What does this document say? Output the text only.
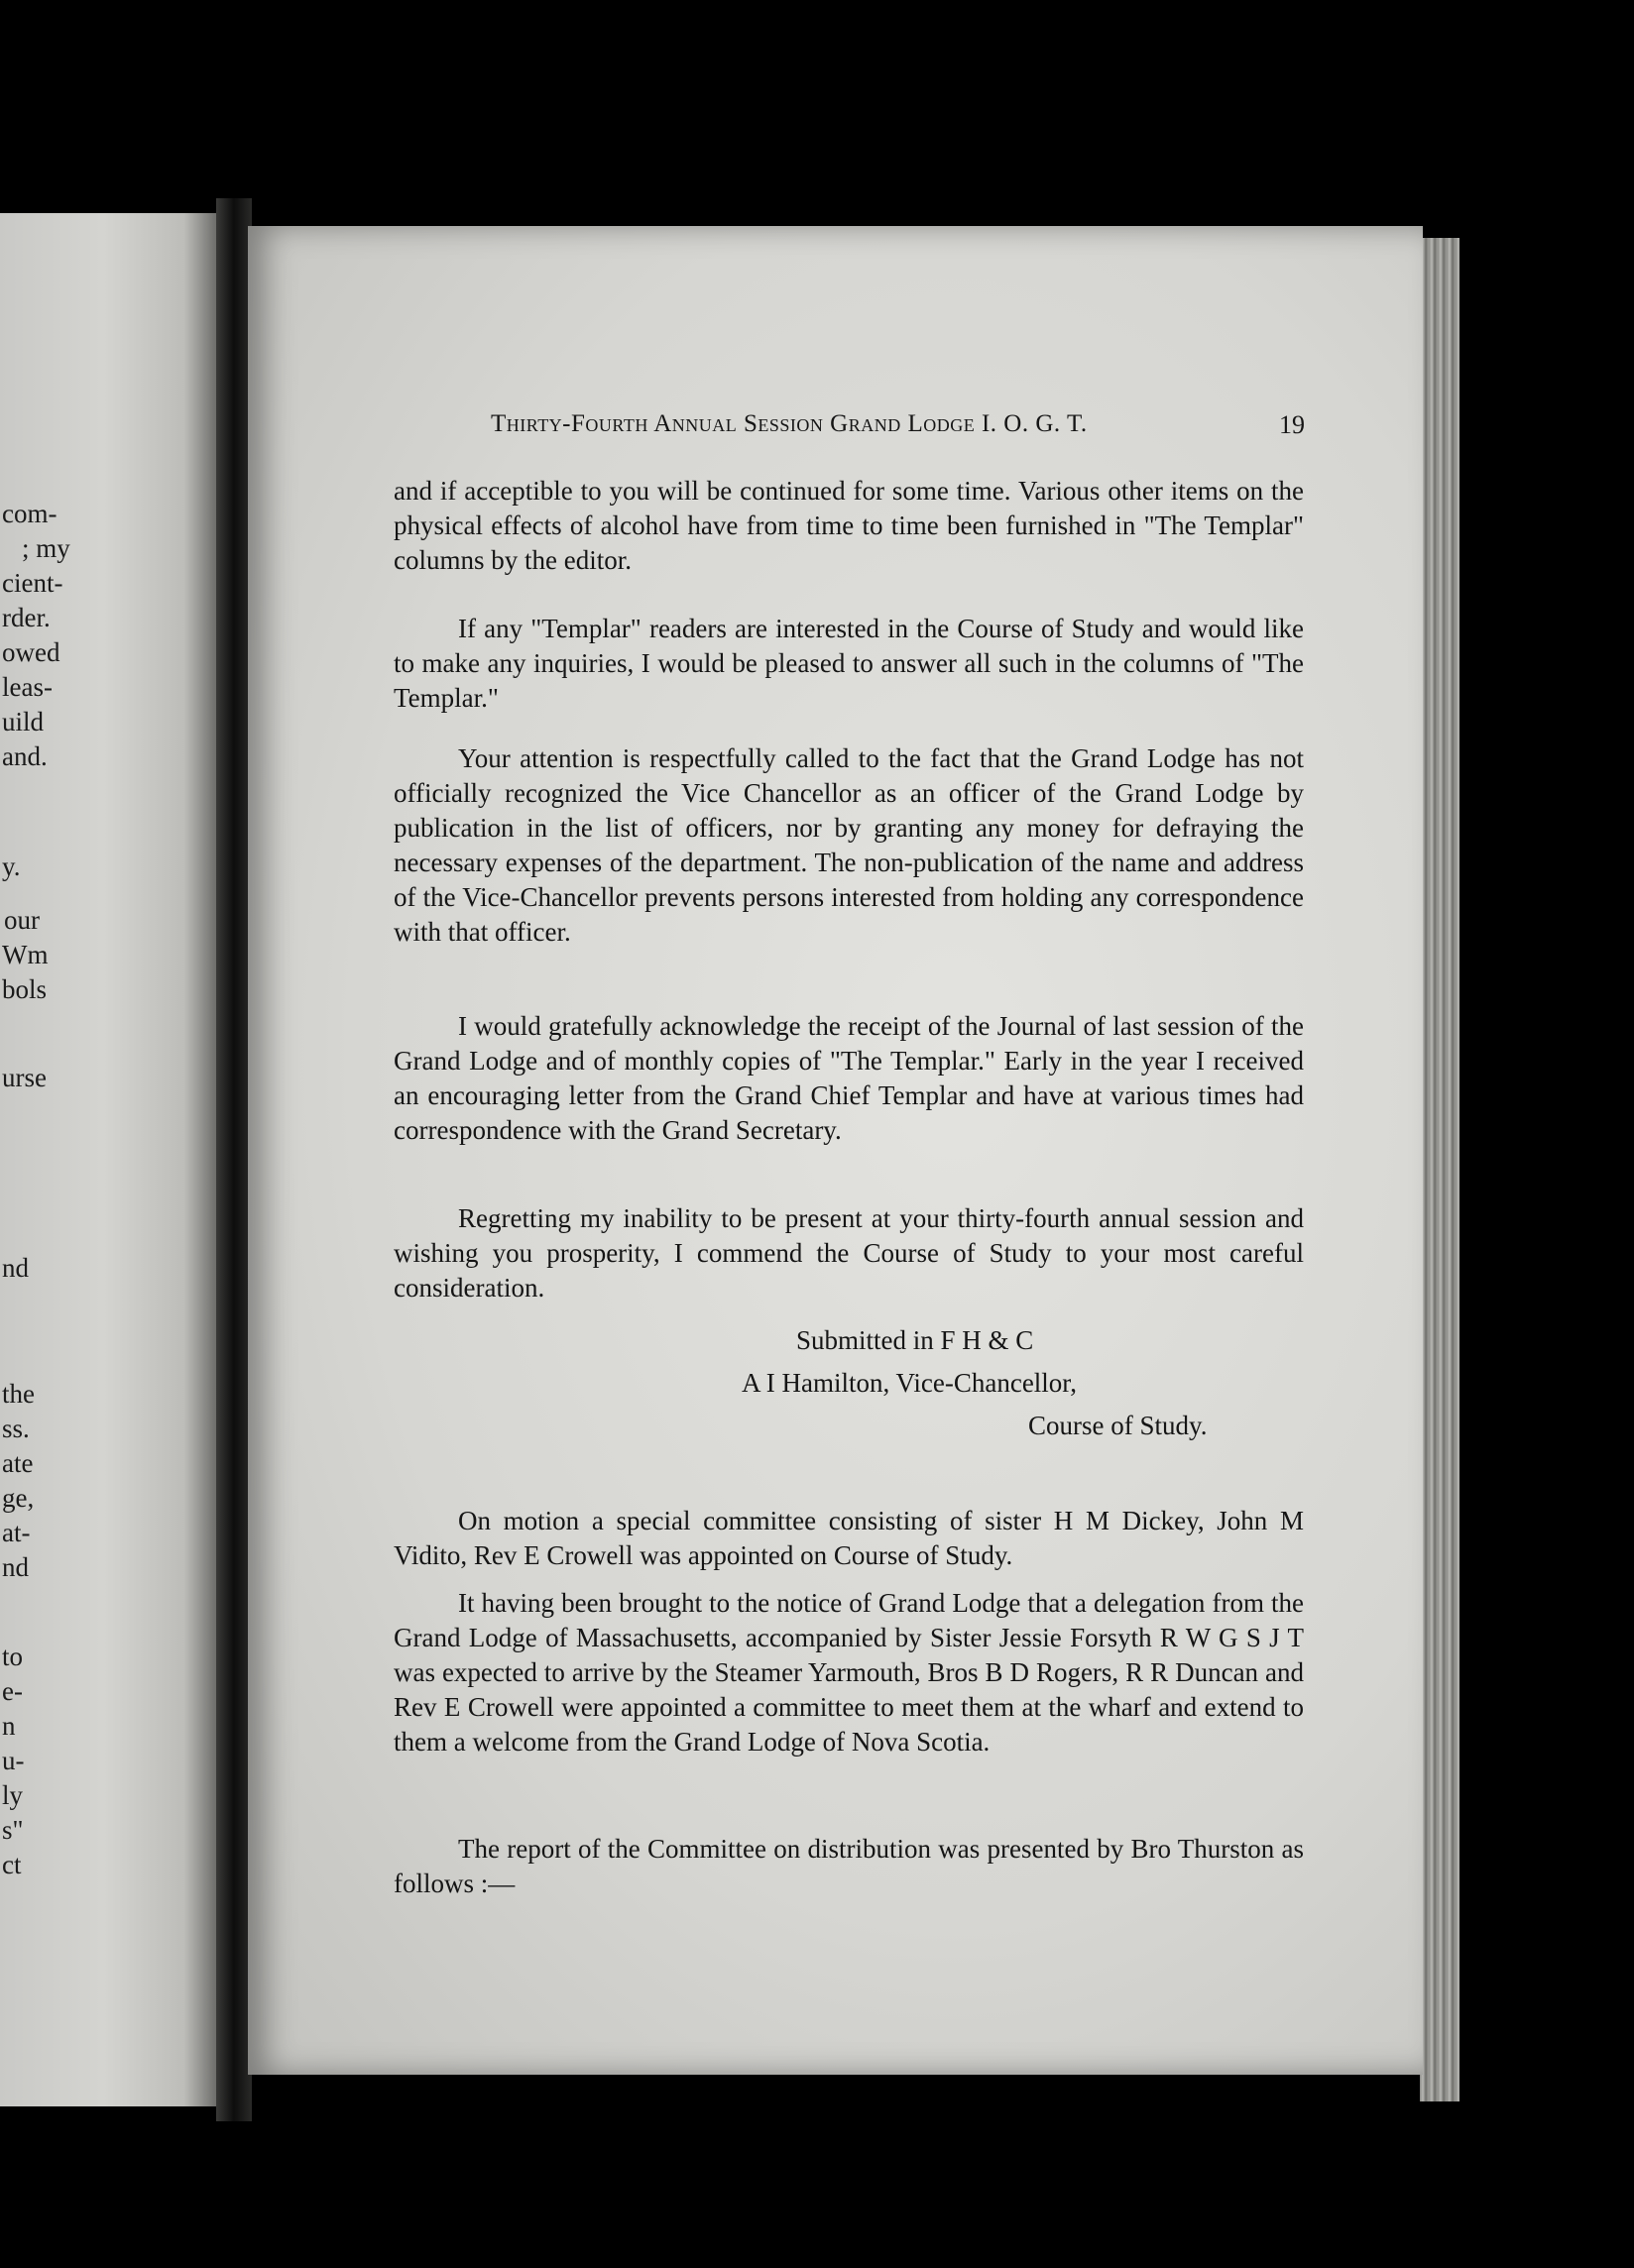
com-
; my
cient-
rder.
owed
leas-
uild
and.
y.
our
Wm
bols
urse
nd
the
ss.
ate
ge,
at-
nd
to
e-
n
u-
ly
s"
ct
Thirty-Fourth Annual Session Grand Lodge I. O. G. T.	19

and if acceptible to you will be continued for some time. Various other items on the physical effects of alcohol have from time to time been furnished in "The Templar" columns by the editor.

If any "Templar" readers are interested in the Course of Study and would like to make any inquiries, I would be pleased to answer all such in the columns of "The Templar."

Your attention is respectfully called to the fact that the Grand Lodge has not officially recognized the Vice Chancellor as an officer of the Grand Lodge by publication in the list of officers, nor by granting any money for defraying the necessary expenses of the department. The non-publication of the name and address of the Vice-Chancellor prevents persons interested from holding any correspondence with that officer.

I would gratefully acknowledge the receipt of the Journal of last session of the Grand Lodge and of monthly copies of "The Templar." Early in the year I received an encouraging letter from the Grand Chief Templar and have at various times had correspondence with the Grand Secretary.

Regretting my inability to be present at your thirty-fourth annual session and wishing you prosperity, I commend the Course of Study to your most careful consideration.

Submitted in F H & C
A I Hamilton, Vice-Chancellor,
Course of Study.

On motion a special committee consisting of sister H M Dickey, John M Vidito, Rev E Crowell was appointed on Course of Study.

It having been brought to the notice of Grand Lodge that a delegation from the Grand Lodge of Massachusetts, accompanied by Sister Jessie Forsyth R W G S J T was expected to arrive by the Steamer Yarmouth, Bros B D Rogers, R R Duncan and Rev E Crowell were appointed a committee to meet them at the wharf and extend to them a welcome from the Grand Lodge of Nova Scotia.

The report of the Committee on distribution was presented by Bro Thurston as follows :—
